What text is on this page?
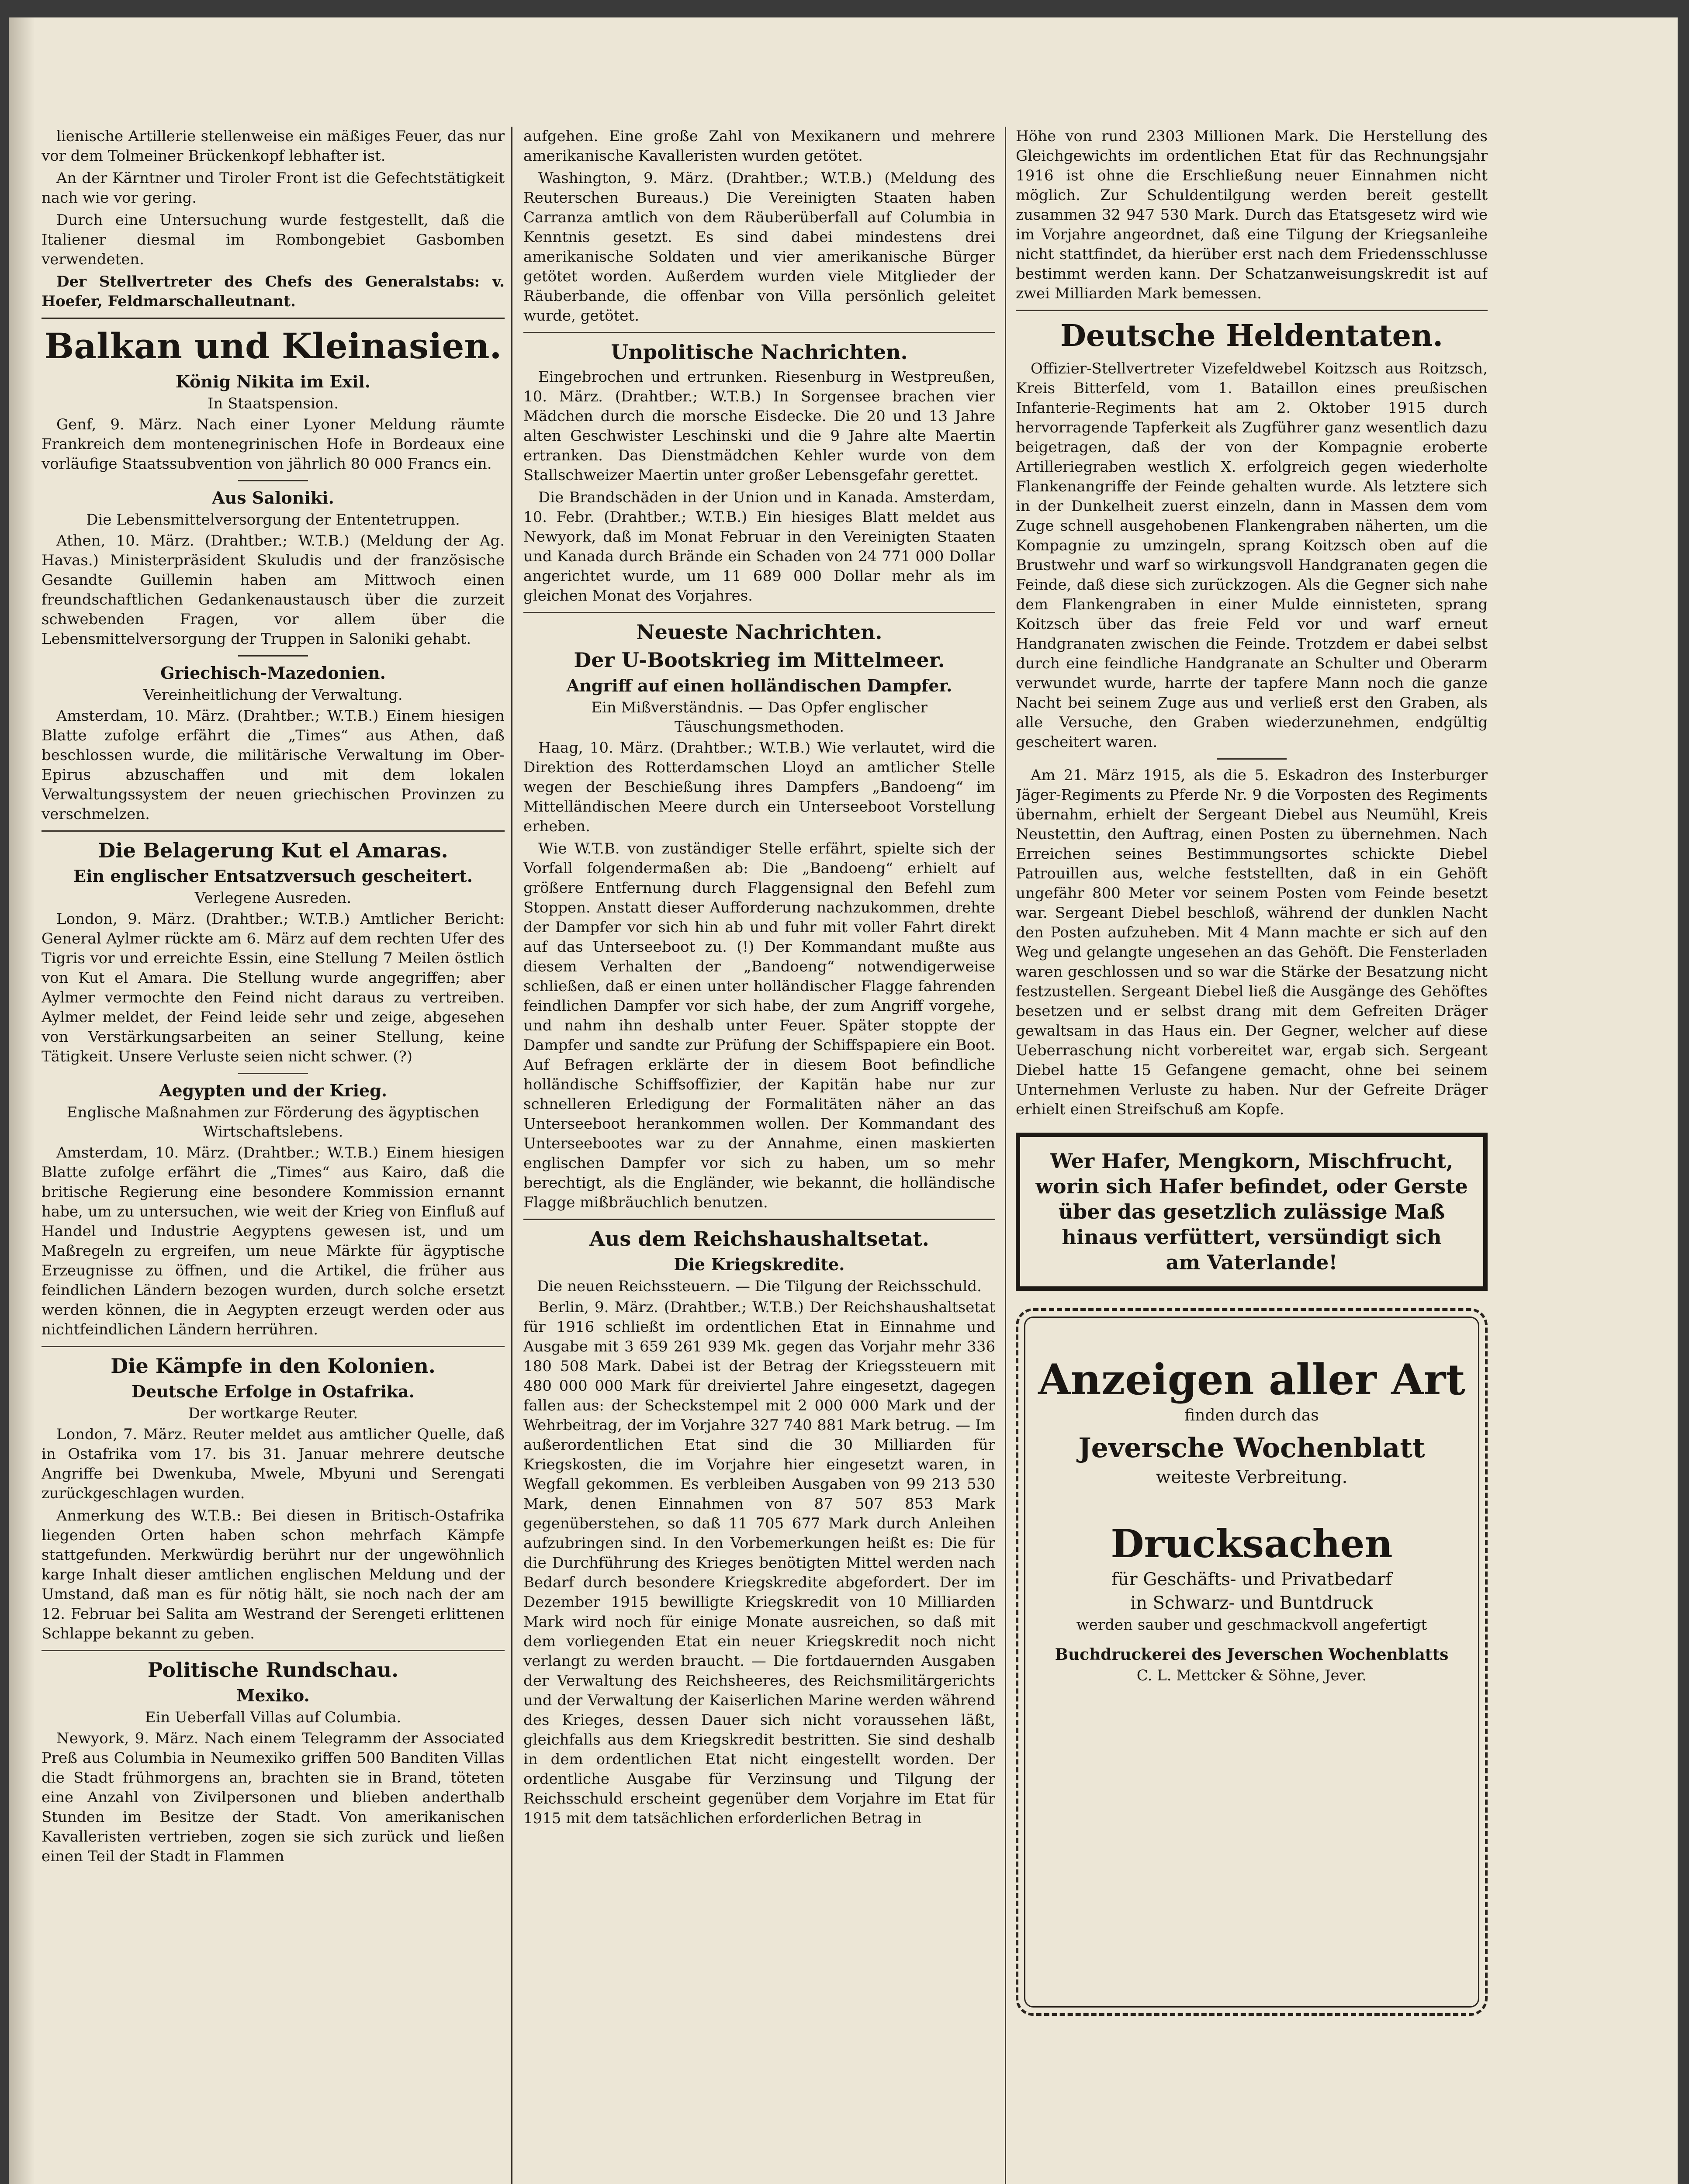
lienische Artillerie stellenweise ein mäßiges Feuer, das nur vor dem Tolmeiner Brückenkopf lebhafter ist.

An der Kärntner und Tiroler Front ist die Gefechtstätigkeit nach wie vor gering.

Durch eine Untersuchung wurde festgestellt, daß die Italiener diesmal im Rombongebiet Gasbomben verwendeten.

Der Stellvertreter des Chefs des Generalstabs: v. Hoefer, Feldmarschalleutnant.

Balkan und Kleinasien.
König Nikita im Exil.
In Staatspension.

Genf, 9. März. Nach einer Lyoner Meldung räumte Frankreich dem montenegrinischen Hofe in Bordeaux eine vorläufige Staatssubvention von jährlich 80 000 Francs ein.

Aus Saloniki.
Die Lebensmittelversorgung der Ententetruppen.

Athen, 10. März. (Drahtber.; W.T.B.) (Meldung der Ag. Havas.) Ministerpräsident Skuludis und der französische Gesandte Guillemin haben am Mittwoch einen freundschaftlichen Gedankenaustausch über die zurzeit schwebenden Fragen, vor allem über die Lebensmittelversorgung der Truppen in Saloniki gehabt.

Griechisch-Mazedonien.
Vereinheitlichung der Verwaltung.

Amsterdam, 10. März. (Drahtber.; W.T.B.) Einem hiesigen Blatte zufolge erfährt die „Times“ aus Athen, daß beschlossen wurde, die militärische Verwaltung im Ober-Epirus abzuschaffen und mit dem lokalen Verwaltungssystem der neuen griechischen Provinzen zu verschmelzen.

Die Belagerung Kut el Amaras.
Ein englischer Entsatzversuch gescheitert.
Verlegene Ausreden.

London, 9. März. (Drahtber.; W.T.B.) Amtlicher Bericht: General Aylmer rückte am 6. März auf dem rechten Ufer des Tigris vor und erreichte Essin, eine Stellung 7 Meilen östlich von Kut el Amara. Die Stellung wurde angegriffen; aber Aylmer vermochte den Feind nicht daraus zu vertreiben. Aylmer meldet, der Feind leide sehr und zeige, abgesehen von Verstärkungsarbeiten an seiner Stellung, keine Tätigkeit. Unsere Verluste seien nicht schwer. (?)

Aegypten und der Krieg.
Englische Maßnahmen zur Förderung des ägyptischen Wirtschaftslebens.

Amsterdam, 10. März. (Drahtber.; W.T.B.) Einem hiesigen Blatte zufolge erfährt die „Times“ aus Kairo, daß die britische Regierung eine besondere Kommission ernannt habe, um zu untersuchen, wie weit der Krieg von Einfluß auf Handel und Industrie Aegyptens gewesen ist, und um Maßregeln zu ergreifen, um neue Märkte für ägyptische Erzeugnisse zu öffnen, und die Artikel, die früher aus feindlichen Ländern bezogen wurden, durch solche ersetzt werden können, die in Aegypten erzeugt werden oder aus nichtfeindlichen Ländern herrühren.

Die Kämpfe in den Kolonien.
Deutsche Erfolge in Ostafrika.
Der wortkarge Reuter.

London, 7. März. Reuter meldet aus amtlicher Quelle, daß in Ostafrika vom 17. bis 31. Januar mehrere deutsche Angriffe bei Dwenkuba, Mwele, Mbyuni und Serengati zurückgeschlagen wurden.

Anmerkung des W.T.B.: Bei diesen in Britisch-Ostafrika liegenden Orten haben schon mehrfach Kämpfe stattgefunden. Merkwürdig berührt nur der ungewöhnlich karge Inhalt dieser amtlichen englischen Meldung und der Umstand, daß man es für nötig hält, sie noch nach der am 12. Februar bei Salita am Westrand der Serengeti erlittenen Schlappe bekannt zu geben.

Politische Rundschau.
Mexiko.
Ein Ueberfall Villas auf Columbia.

Newyork, 9. März. Nach einem Telegramm der Associated Preß aus Columbia in Neumexiko griffen 500 Banditen Villas die Stadt frühmorgens an, brachten sie in Brand, töteten eine Anzahl von Zivilpersonen und blieben anderthalb Stunden im Besitze der Stadt. Von amerikanischen Kavalleristen vertrieben, zogen sie sich zurück und ließen einen Teil der Stadt in Flammen

aufgehen. Eine große Zahl von Mexikanern und mehrere amerikanische Kavalleristen wurden getötet.

Washington, 9. März. (Drahtber.; W.T.B.) (Meldung des Reuterschen Bureaus.) Die Vereinigten Staaten haben Carranza amtlich von dem Räuberüberfall auf Columbia in Kenntnis gesetzt. Es sind dabei mindestens drei amerikanische Soldaten und vier amerikanische Bürger getötet worden. Außerdem wurden viele Mitglieder der Räuberbande, die offenbar von Villa persönlich geleitet wurde, getötet.

Unpolitische Nachrichten.

Eingebrochen und ertrunken. Riesenburg in Westpreußen, 10. März. (Drahtber.; W.T.B.) In Sorgensee brachen vier Mädchen durch die morsche Eisdecke. Die 20 und 13 Jahre alten Geschwister Leschinski und die 9 Jahre alte Maertin ertranken. Das Dienstmädchen Kehler wurde von dem Stallschweizer Maertin unter großer Lebensgefahr gerettet.

Die Brandschäden in der Union und in Kanada. Amsterdam, 10. Febr. (Drahtber.; W.T.B.) Ein hiesiges Blatt meldet aus Newyork, daß im Monat Februar in den Vereinigten Staaten und Kanada durch Brände ein Schaden von 24 771 000 Dollar angerichtet wurde, um 11 689 000 Dollar mehr als im gleichen Monat des Vorjahres.

Neueste Nachrichten.
Der U-Bootskrieg im Mittelmeer.
Angriff auf einen holländischen Dampfer.
Ein Mißverständnis. — Das Opfer englischer Täuschungsmethoden.

Haag, 10. März. (Drahtber.; W.T.B.) Wie verlautet, wird die Direktion des Rotterdamschen Lloyd an amtlicher Stelle wegen der Beschießung ihres Dampfers „Bandoeng“ im Mittelländischen Meere durch ein Unterseeboot Vorstellung erheben.

Wie W.T.B. von zuständiger Stelle erfährt, spielte sich der Vorfall folgendermaßen ab: Die „Bandoeng“ erhielt auf größere Entfernung durch Flaggensignal den Befehl zum Stoppen. Anstatt dieser Aufforderung nachzukommen, drehte der Dampfer vor sich hin ab und fuhr mit voller Fahrt direkt auf das Unterseeboot zu. (!) Der Kommandant mußte aus diesem Verhalten der „Bandoeng“ notwendigerweise schließen, daß er einen unter holländischer Flagge fahrenden feindlichen Dampfer vor sich habe, der zum Angriff vorgehe, und nahm ihn deshalb unter Feuer. Später stoppte der Dampfer und sandte zur Prüfung der Schiffspapiere ein Boot. Auf Befragen erklärte der in diesem Boot befindliche holländische Schiffsoffizier, der Kapitän habe nur zur schnelleren Erledigung der Formalitäten näher an das Unterseeboot herankommen wollen. Der Kommandant des Unterseebootes war zu der Annahme, einen maskierten englischen Dampfer vor sich zu haben, um so mehr berechtigt, als die Engländer, wie bekannt, die holländische Flagge mißbräuchlich benutzen.

Aus dem Reichshaushaltsetat.
Die Kriegskredite.
Die neuen Reichssteuern. — Die Tilgung der Reichsschuld.

Berlin, 9. März. (Drahtber.; W.T.B.) Der Reichshaushaltsetat für 1916 schließt im ordentlichen Etat in Einnahme und Ausgabe mit 3 659 261 939 Mk. gegen das Vorjahr mehr 336 180 508 Mark. Dabei ist der Betrag der Kriegssteuern mit 480 000 000 Mark für dreiviertel Jahre eingesetzt, dagegen fallen aus: der Scheckstempel mit 2 000 000 Mark und der Wehrbeitrag, der im Vorjahre 327 740 881 Mark betrug. — Im außerordentlichen Etat sind die 30 Milliarden für Kriegskosten, die im Vorjahre hier eingesetzt waren, in Wegfall gekommen. Es verbleiben Ausgaben von 99 213 530 Mark, denen Einnahmen von 87 507 853 Mark gegenüberstehen, so daß 11 705 677 Mark durch Anleihen aufzubringen sind. In den Vorbemerkungen heißt es: Die für die Durchführung des Krieges benötigten Mittel werden nach Bedarf durch besondere Kriegskredite abgefordert. Der im Dezember 1915 bewilligte Kriegskredit von 10 Milliarden Mark wird noch für einige Monate ausreichen, so daß mit dem vorliegenden Etat ein neuer Kriegskredit noch nicht verlangt zu werden braucht. — Die fortdauernden Ausgaben der Verwaltung des Reichsheeres, des Reichsmilitärgerichts und der Verwaltung der Kaiserlichen Marine werden während des Krieges, dessen Dauer sich nicht voraussehen läßt, gleichfalls aus dem Kriegskredit bestritten. Sie sind deshalb in dem ordentlichen Etat nicht eingestellt worden. Der ordentliche Ausgabe für Verzinsung und Tilgung der Reichsschuld erscheint gegenüber dem Vorjahre im Etat für 1915 mit dem tatsächlichen erforderlichen Betrag in

Höhe von rund 2303 Millionen Mark. Die Herstellung des Gleichgewichts im ordentlichen Etat für das Rechnungsjahr 1916 ist ohne die Erschließung neuer Einnahmen nicht möglich. Zur Schuldentilgung werden bereit gestellt zusammen 32 947 530 Mark. Durch das Etatsgesetz wird wie im Vorjahre angeordnet, daß eine Tilgung der Kriegsanleihe nicht stattfindet, da hierüber erst nach dem Friedensschlusse bestimmt werden kann. Der Schatzanweisungskredit ist auf zwei Milliarden Mark bemessen.

Deutsche Heldentaten.

Offizier-Stellvertreter Vizefeldwebel Koitzsch aus Roitzsch, Kreis Bitterfeld, vom 1. Bataillon eines preußischen Infanterie-Regiments hat am 2. Oktober 1915 durch hervorragende Tapferkeit als Zugführer ganz wesentlich dazu beigetragen, daß der von der Kompagnie eroberte Artilleriegraben westlich X. erfolgreich gegen wiederholte Flankenangriffe der Feinde gehalten wurde. Als letztere sich in der Dunkelheit zuerst einzeln, dann in Massen dem vom Zuge schnell ausgehobenen Flankengraben näherten, um die Kompagnie zu umzingeln, sprang Koitzsch oben auf die Brustwehr und warf so wirkungsvoll Handgranaten gegen die Feinde, daß diese sich zurückzogen. Als die Gegner sich nahe dem Flankengraben in einer Mulde einnisteten, sprang Koitzsch über das freie Feld vor und warf erneut Handgranaten zwischen die Feinde. Trotzdem er dabei selbst durch eine feindliche Handgranate an Schulter und Oberarm verwundet wurde, harrte der tapfere Mann noch die ganze Nacht bei seinem Zuge aus und verließ erst den Graben, als alle Versuche, den Graben wiederzunehmen, endgültig gescheitert waren.

Am 21. März 1915, als die 5. Eskadron des Insterburger Jäger-Regiments zu Pferde Nr. 9 die Vorposten des Regiments übernahm, erhielt der Sergeant Diebel aus Neumühl, Kreis Neustettin, den Auftrag, einen Posten zu übernehmen. Nach Erreichen seines Bestimmungsortes schickte Diebel Patrouillen aus, welche feststellten, daß in ein Gehöft ungefähr 800 Meter vor seinem Posten vom Feinde besetzt war. Sergeant Diebel beschloß, während der dunklen Nacht den Posten aufzuheben. Mit 4 Mann machte er sich auf den Weg und gelangte ungesehen an das Gehöft. Die Fensterladen waren geschlossen und so war die Stärke der Besatzung nicht festzustellen. Sergeant Diebel ließ die Ausgänge des Gehöftes besetzen und er selbst drang mit dem Gefreiten Dräger gewaltsam in das Haus ein. Der Gegner, welcher auf diese Ueberraschung nicht vorbereitet war, ergab sich. Sergeant Diebel hatte 15 Gefangene gemacht, ohne bei seinem Unternehmen Verluste zu haben. Nur der Gefreite Dräger erhielt einen Streifschuß am Kopfe.

Wer Hafer, Mengkorn, Mischfrucht,
worin sich Hafer befindet, oder Gerste
über das gesetzlich zulässige Maß
hinaus verfüttert, versündigt sich
am Vaterlande!
Anzeigen aller Art
finden durch das
Jeversche Wochenblatt
weiteste Verbreitung.
Drucksachen
für Geschäfts- und Privatbedarf
in Schwarz- und Buntdruck
werden sauber und geschmackvoll angefertigt
Buchdruckerei des Jeverschen Wochenblatts
C. L. Mettcker & Söhne, Jever.
